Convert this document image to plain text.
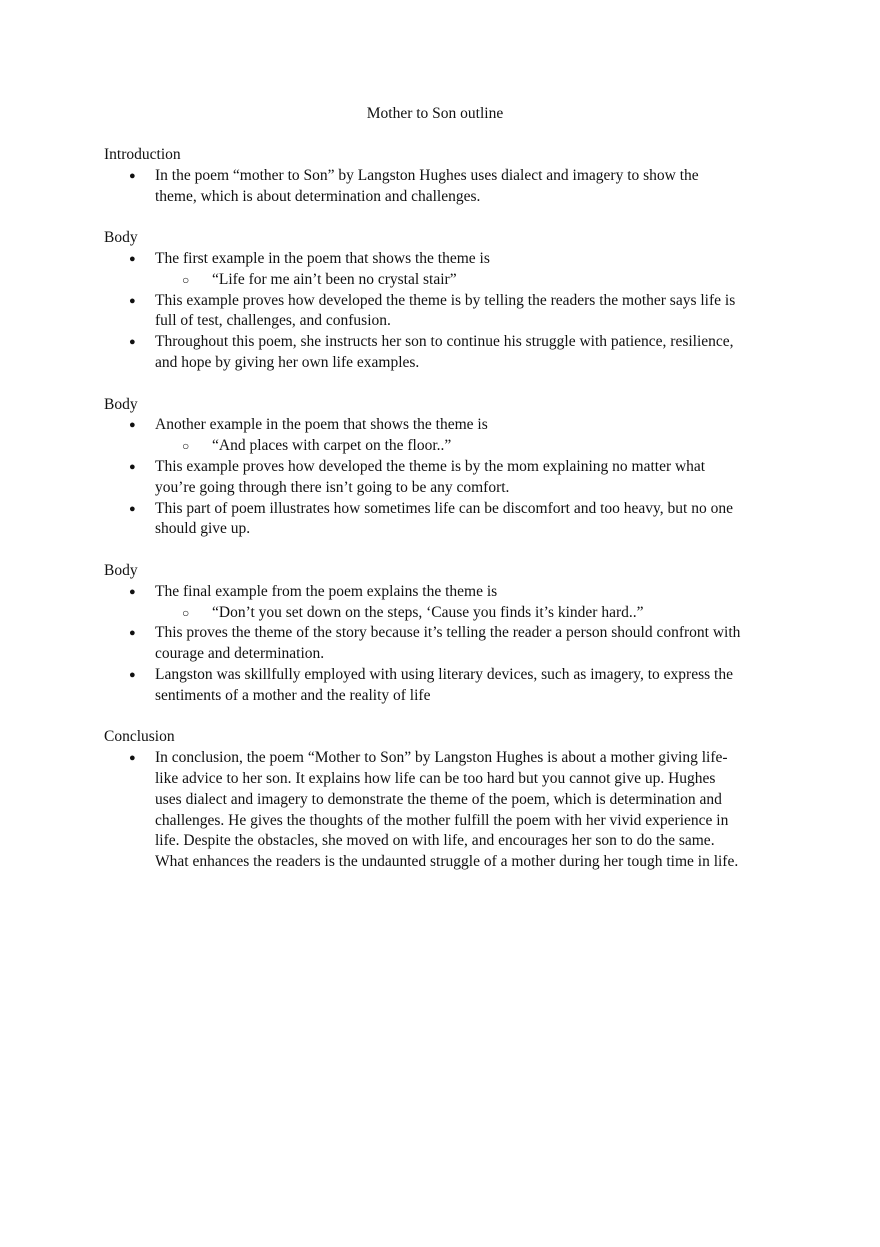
Mother to Son outline
Introduction
● In the poem “mother to Son” by Langston Hughes uses dialect and imagery to show the theme, which is about determination and challenges.
Body
● The first example in the poem that shows the theme is
○ “Life for me ain’t been no crystal stair”
● This example proves how developed the theme is by telling the readers the mother says life is full of test, challenges, and confusion.
● Throughout this poem, she instructs her son to continue his struggle with patience, resilience, and hope by giving her own life examples.
Body
● Another example in the poem that shows the theme is
○ “And places with carpet on the floor..”
● This example proves how developed the theme is by the mom explaining no matter what you’re going through there isn’t going to be any comfort.
● This part of poem illustrates how sometimes life can be discomfort and too heavy, but no one should give up.
Body
● The final example from the poem explains the theme is
○ “Don’t you set down on the steps, ‘Cause you finds it’s kinder hard..”
● This proves the theme of the story because it’s telling the reader a person should confront with courage and determination.
● Langston was skillfully employed with using literary devices, such as imagery, to express the sentiments of a mother and the reality of life
Conclusion
● In conclusion, the poem “Mother to Son” by Langston Hughes is about a mother giving life-like advice to her son. It explains how life can be too hard but you cannot give up. Hughes uses dialect and imagery to demonstrate the theme of the poem, which is determination and challenges. He gives the thoughts of the mother fulfill the poem with her vivid experience in life. Despite the obstacles, she moved on with life, and encourages her son to do the same. What enhances the readers is the undaunted struggle of a mother during her tough time in life.
